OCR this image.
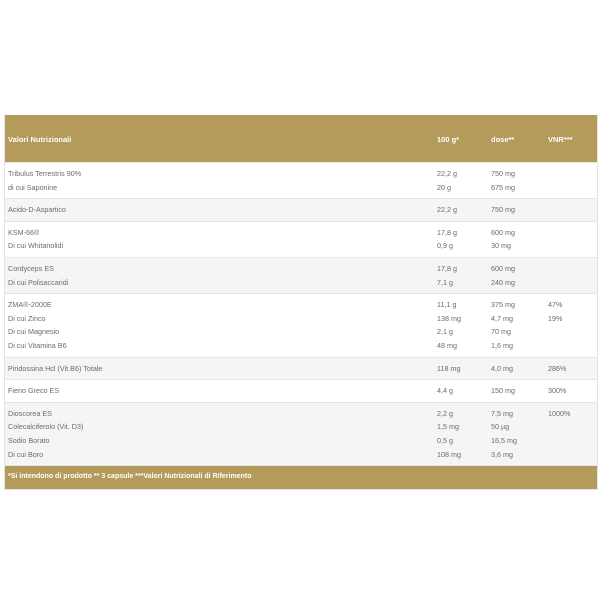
Valori Nutrizionali	100 g*	dose**	VNR***
Tribulus Terrestris 90%	22,2 g	750 mg
di cui Saponine	20 g	675 mg
Acido-D-Aspartico	22,2 g	750 mg
KSM-66®	17,8 g	600 mg
Di cui Whitanolidi	0,9 g	30 mg
Cordyceps ES	17,8 g	600 mg
Di cui Polisaccaridi	7,1 g	240 mg
ZMA®-2000E	11,1 g	375 mg	47%
Di cui Zinco	138 mg	4,7 mg	19%
Di cui Magnesio	2,1 g	70 mg
Di cui Vitamina B6	48 mg	1,6 mg
Piridossina Hcl (Vit.B6) Totale	118 mg	4,0 mg	286%
Fieno Greco ES	4,4 g	150 mg	300%
Dioscorea ES	2,2 g	7,5 mg	1000%
Colecalciferolo (Vit. D3)	1,5 mg	50 µg
Sodio Borato	0,5 g	16,5 mg
Di cui Boro	108 mg	3,6 mg
*Si intendono di prodotto ** 3 capsule ***Valori Nutrizionali di Riferimento
